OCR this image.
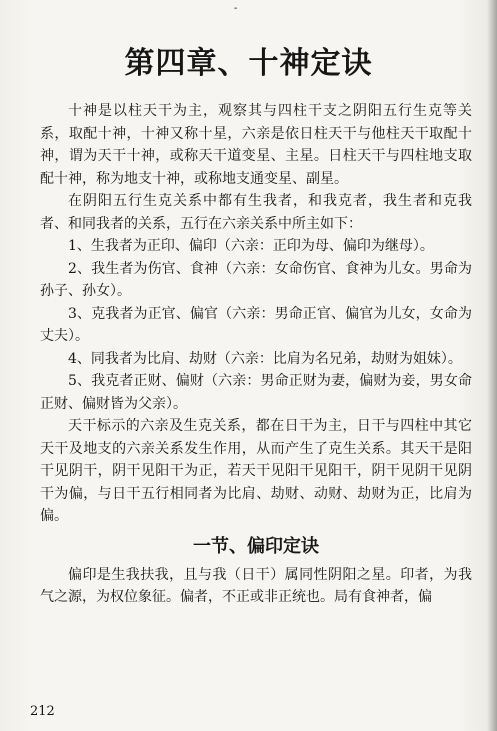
-
第四章、十神定诀

十神是以柱天干为主，观察其与四柱干支之阴阳五行生克等关系，取配十神，十神又称十星，六亲是依日柱天干与他柱天干取配十神，谓为天干十神，或称天干道变星、主星。日柱天干与四柱地支取配十神，称为地支十神，或称地支通变星、副星。

在阴阳五行生克关系中都有生我者，和我克者，我生者和克我者、和同我者的关系，五行在六亲关系中所主如下：

1、生我者为正印、偏印（六亲：正印为母、偏印为继母）。

2、我生者为伤官、食神（六亲：女命伤官、食神为儿女。男命为孙子、孙女）。

3、克我者为正官、偏官（六亲：男命正官、偏官为儿女，女命为丈夫）。

4、同我者为比肩、劫财（六亲：比肩为名兄弟，劫财为姐妹）。

5、我克者正财、偏财（六亲：男命正财为妻，偏财为妾，男女命正财、偏财皆为父亲）。

天干标示的六亲及生克关系，都在日干为主，日干与四柱中其它天干及地支的六亲关系发生作用，从而产生了克生关系。其天干是阳干见阴干，阴干见阳干为正，若天干见阳干见阳干，阴干见阴干见阴干为偏，与日干五行相同者为比肩、劫财、动财、劫财为正，比肩为偏。

一节、偏印定诀

偏印是生我扶我，且与我（日干）属同性阴阳之星。印者，为我气之源，为权位象征。偏者，不正或非正统也。局有食神者，偏

212
